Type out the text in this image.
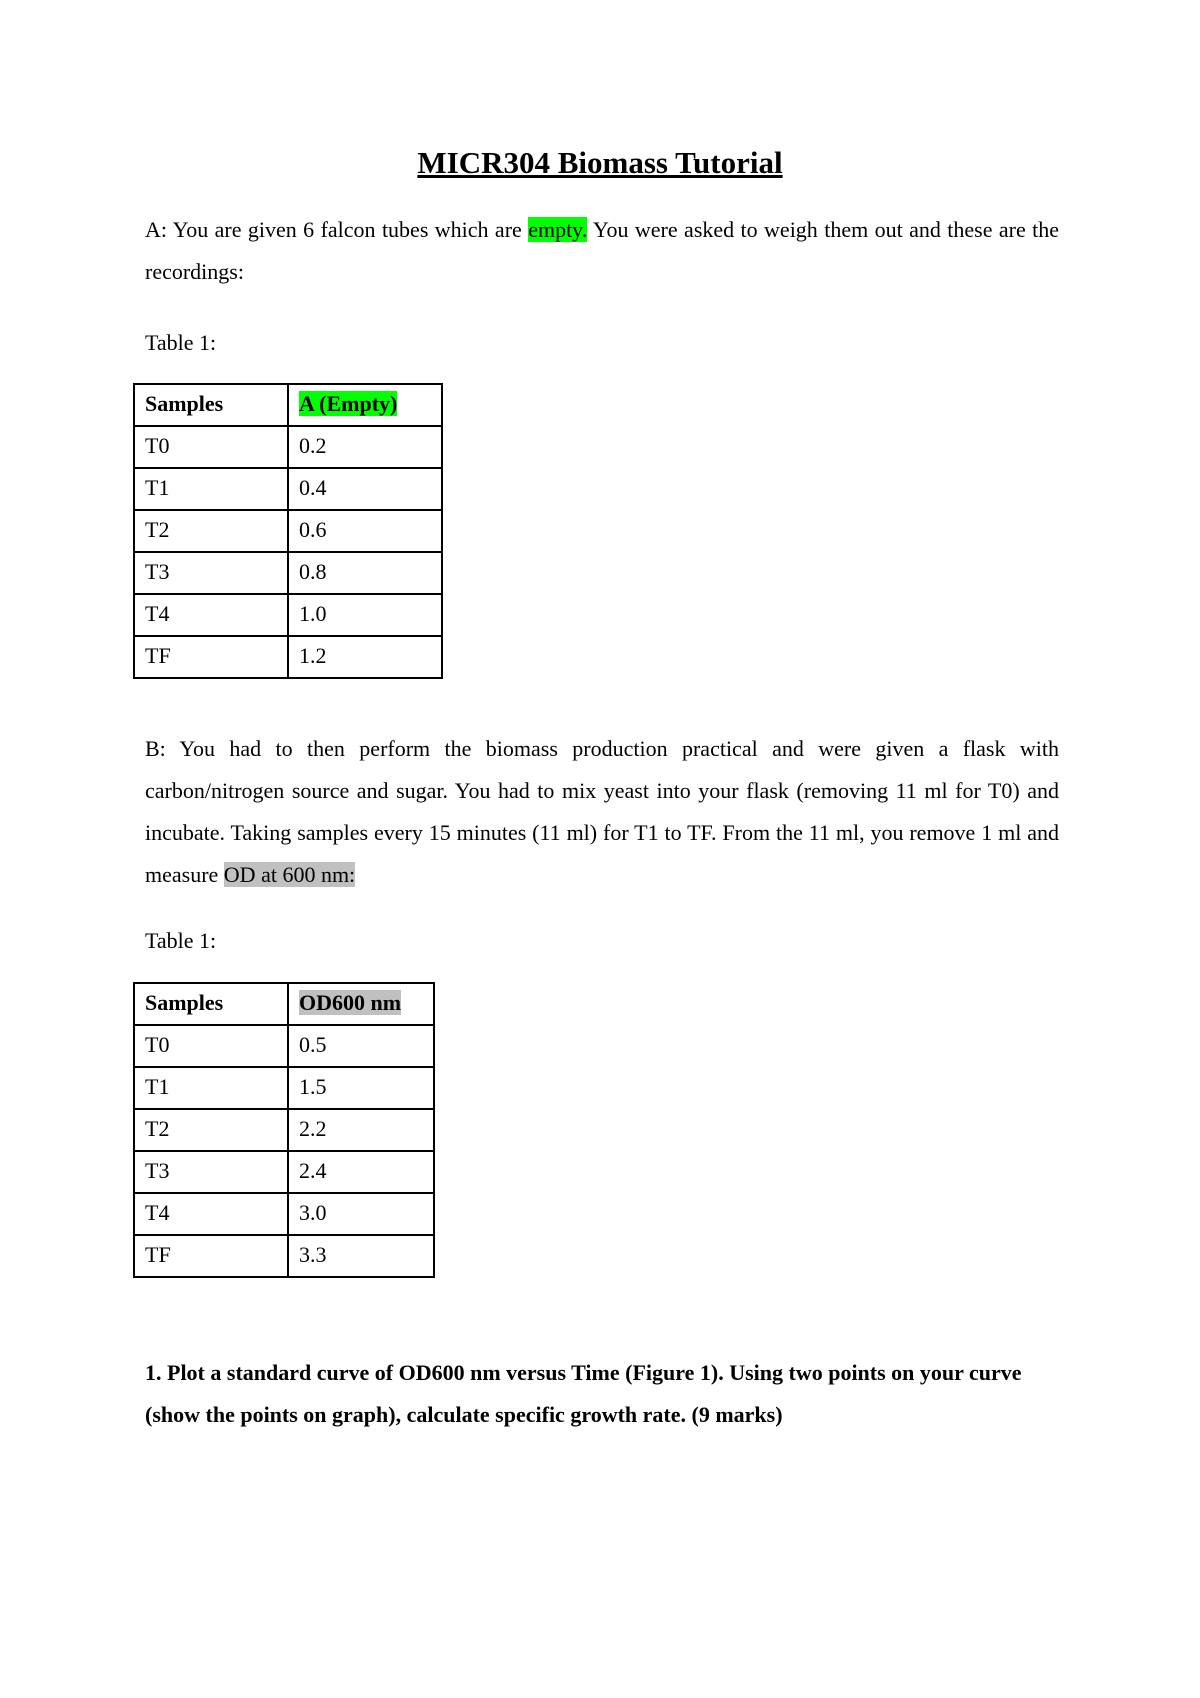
MICR304 Biomass Tutorial

A: You are given 6 falcon tubes which are empty. You were asked to weigh them out and these are the recordings:

Table 1:
Samples	A (Empty)
T0	0.2
T1	0.4
T2	0.6
T3	0.8
T4	1.0
TF	1.2

B: You had to then perform the biomass production practical and were given a flask with carbon/nitrogen source and sugar. You had to mix yeast into your flask (removing 11 ml for T0) and incubate. Taking samples every 15 minutes (11 ml) for T1 to TF. From the 11 ml, you remove 1 ml and measure OD at 600 nm:

Table 1:
Samples	OD600 nm
T0	0.5
T1	1.5
T2	2.2
T3	2.4
T4	3.0
TF	3.3

1. Plot a standard curve of OD600 nm versus Time (Figure 1). Using two points on your curve (show the points on graph), calculate specific growth rate. (9 marks)
